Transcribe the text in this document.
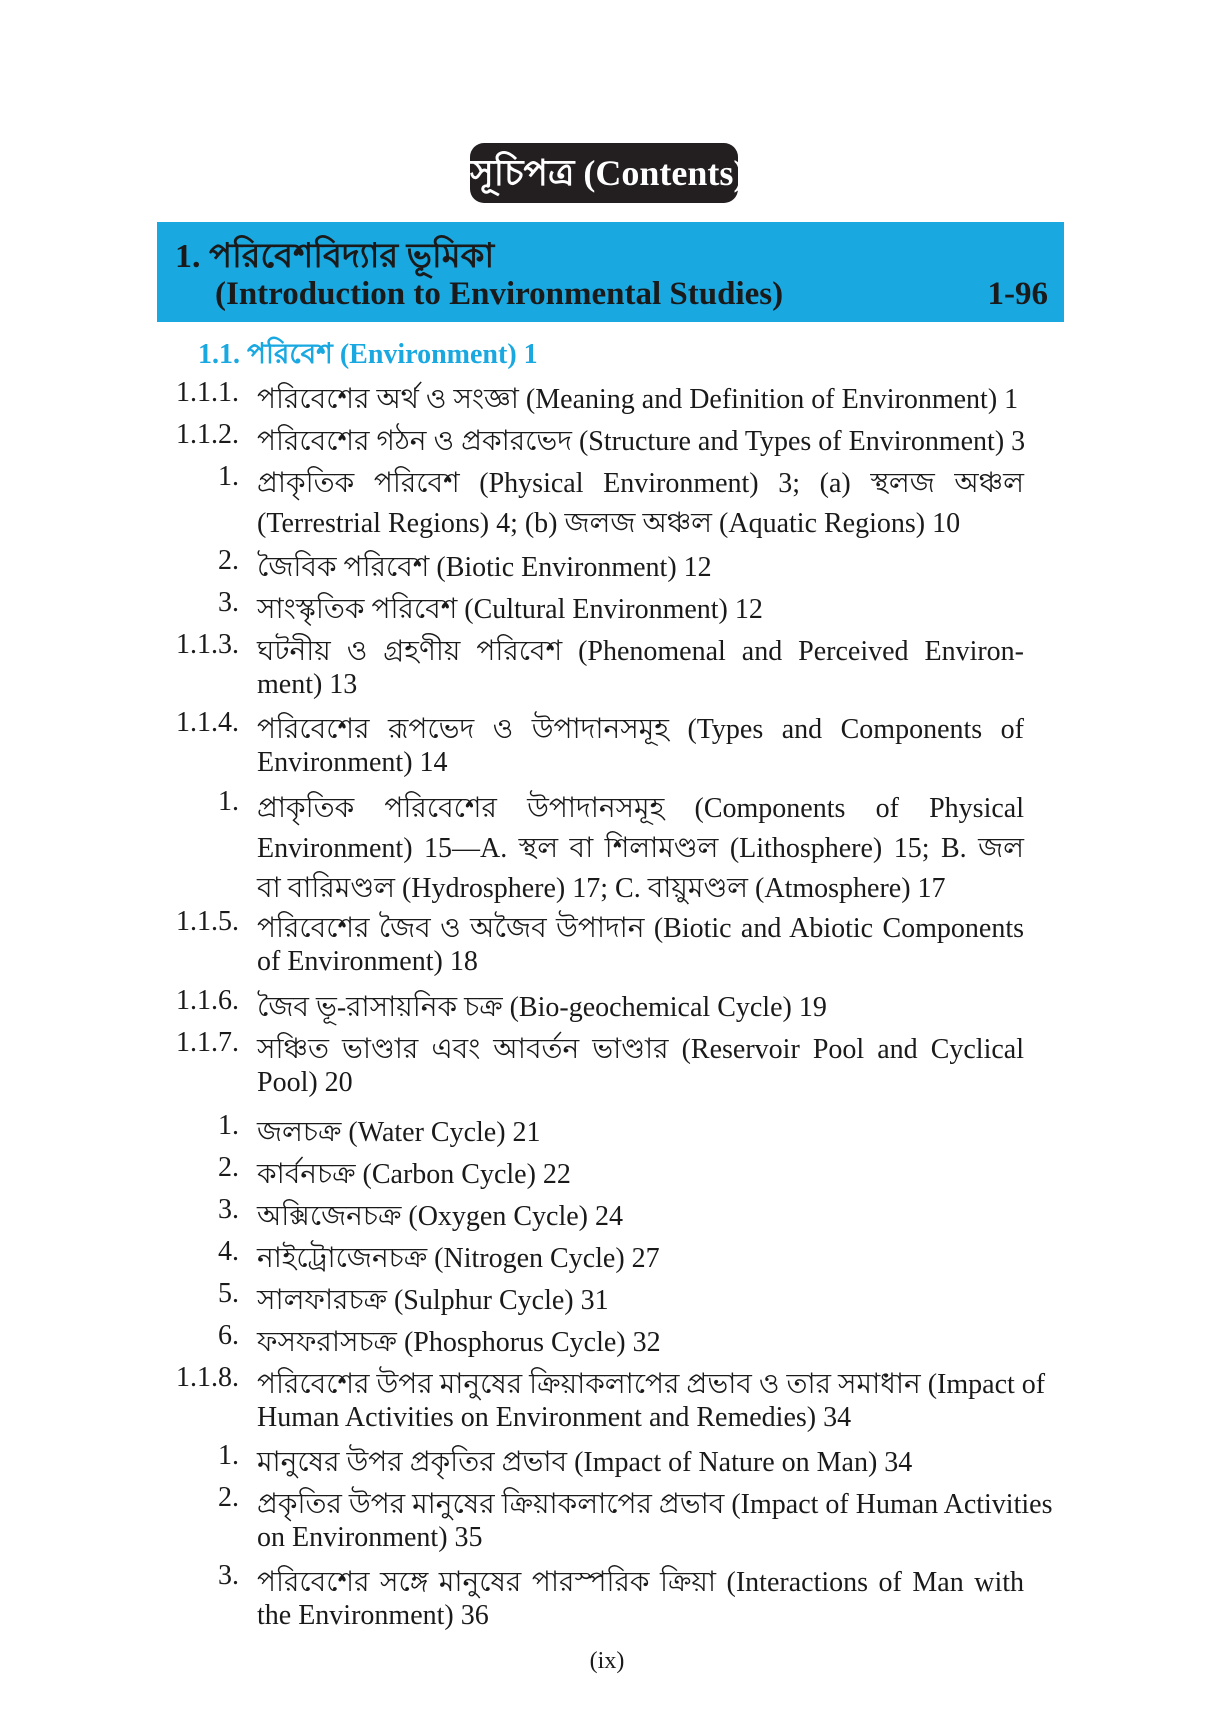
সূচিপত্র (Contents)
1. পরিবেশবিদ্যার ভূমিকা
(Introduction to Environmental Studies)	1-96
1.1. পরিবেশ (Environment) 1
1.1.1. পরিবেশের অর্থ ও সংজ্ঞা (Meaning and Definition of Environment) 1
1.1.2. পরিবেশের গঠন ও প্রকারভেদ (Structure and Types of Environment) 3
1. প্রাকৃতিক পরিবেশ (Physical Environment) 3; (a) স্থলজ অঞ্চল
(Terrestrial Regions) 4; (b) জলজ অঞ্চল (Aquatic Regions) 10
2. জৈবিক পরিবেশ (Biotic Environment) 12
3. সাংস্কৃতিক পরিবেশ (Cultural Environment) 12
1.1.3. ঘটনীয় ও গ্রহণীয় পরিবেশ (Phenomenal and Perceived Environ-
ment) 13
1.1.4. পরিবেশের রূপভেদ ও উপাদানসমূহ (Types and Components of
Environment) 14
1. প্রাকৃতিক পরিবেশের উপাদানসমূহ (Components of Physical
Environment) 15—A. স্থল বা শিলামণ্ডল (Lithosphere) 15; B. জল
বা বারিমণ্ডল (Hydrosphere) 17; C. বায়ুমণ্ডল (Atmosphere) 17
1.1.5. পরিবেশের জৈব ও অজৈব উপাদান (Biotic and Abiotic Components
of Environment) 18
1.1.6. জৈব ভূ-রাসায়নিক চক্র (Bio-geochemical Cycle) 19
1.1.7. সঞ্চিত ভাণ্ডার এবং আবর্তন ভাণ্ডার (Reservoir Pool and Cyclical
Pool) 20
1. জলচক্র (Water Cycle) 21
2. কার্বনচক্র (Carbon Cycle) 22
3. অক্সিজেনচক্র (Oxygen Cycle) 24
4. নাইট্রোজেনচক্র (Nitrogen Cycle) 27
5. সালফারচক্র (Sulphur Cycle) 31
6. ফসফরাসচক্র (Phosphorus Cycle) 32
1.1.8. পরিবেশের উপর মানুষের ক্রিয়াকলাপের প্রভাব ও তার সমাধান (Impact of
Human Activities on Environment and Remedies) 34
1. মানুষের উপর প্রকৃতির প্রভাব (Impact of Nature on Man) 34
2. প্রকৃতির উপর মানুষের ক্রিয়াকলাপের প্রভাব (Impact of Human Activities
on Environment) 35
3. পরিবেশের সঙ্গে মানুষের পারস্পরিক ক্রিয়া (Interactions of Man with
the Environment) 36
(ix)
